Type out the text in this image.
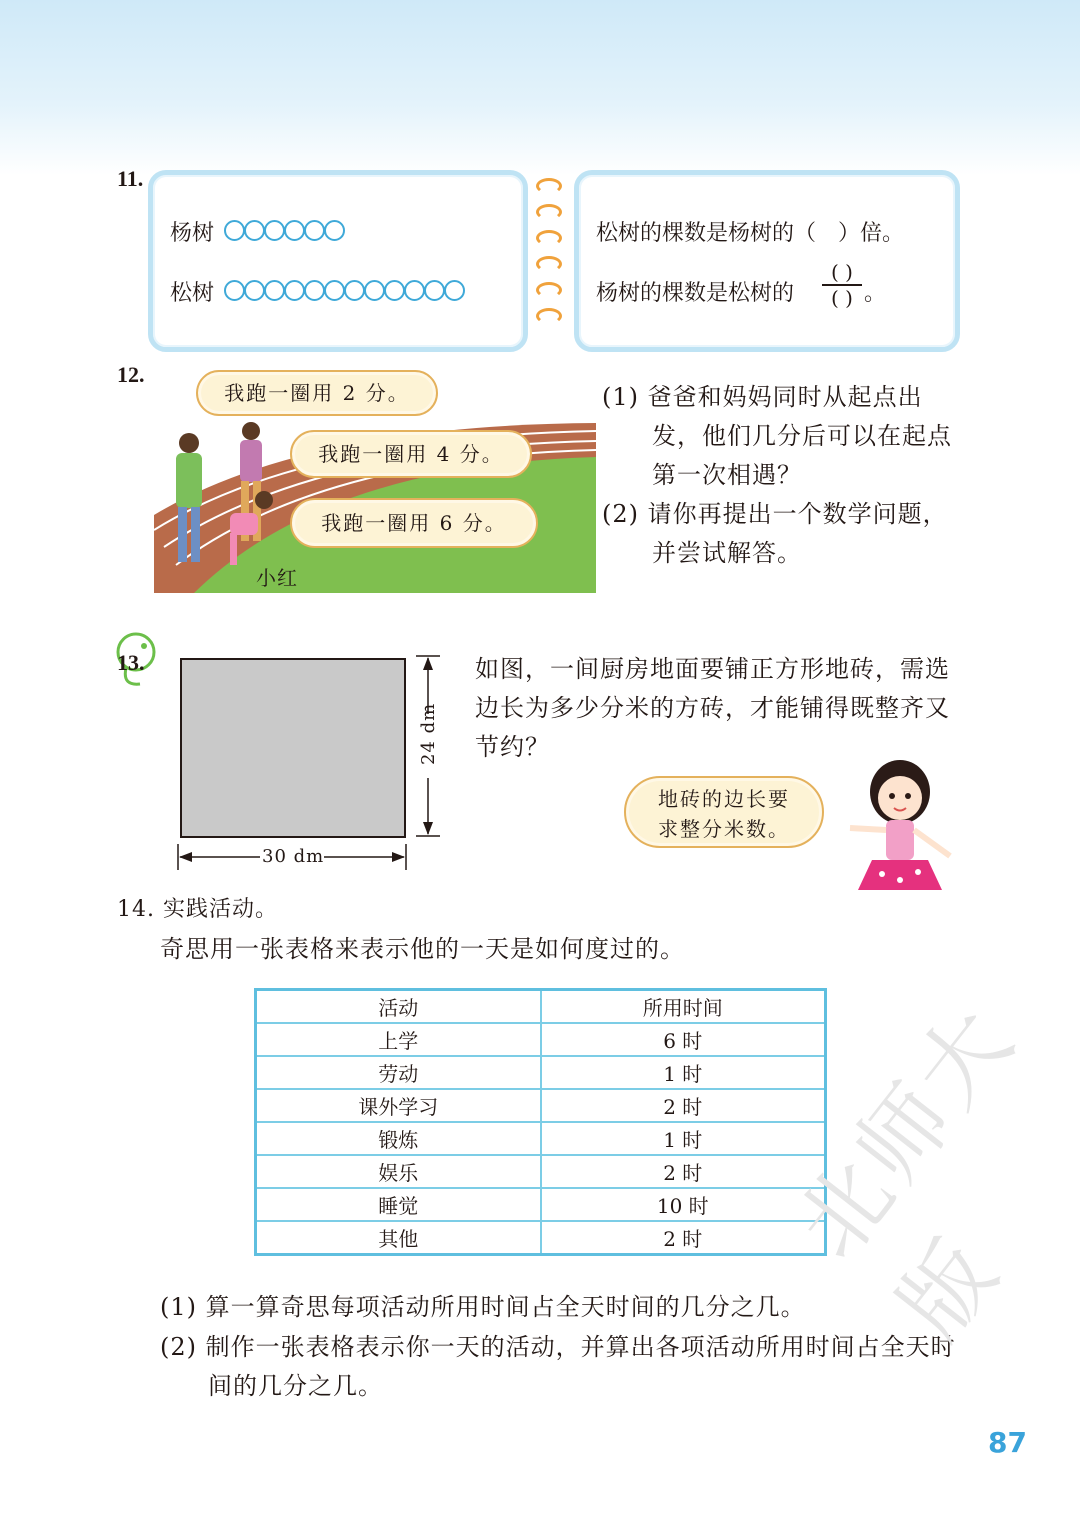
11.
杨树
松树
松树的棵数是杨树的（　）倍。
杨树的棵数是松树的
( )
( ) 。
12.
我跑一圈用 2 分。
我跑一圈用 4 分。
我跑一圈用 6 分。
小红
(1) 爸爸和妈妈同时从起点出
发，他们几分后可以在起点
第一次相遇？
(2) 请你再提出一个数学问题，
并尝试解答。
13.
24 dm
30 dm
如图，一间厨房地面要铺正方形地砖，需选
边长为多少分米的方砖，才能铺得既整齐又
节约？
地砖的边长要
求整分米数。
14. 实践活动。
奇思用一张表格来表示他的一天是如何度过的。
活动	所用时间
上学	6 时
劳动	1 时
课外学习	2 时
锻炼	1 时
娱乐	2 时
睡觉	10 时
其他	2 时
(1) 算一算奇思每项活动所用时间占全天时间的几分之几。
(2) 制作一张表格表示你一天的活动，并算出各项活动所用时间占全天时
间的几分之几。
北师大版
87
